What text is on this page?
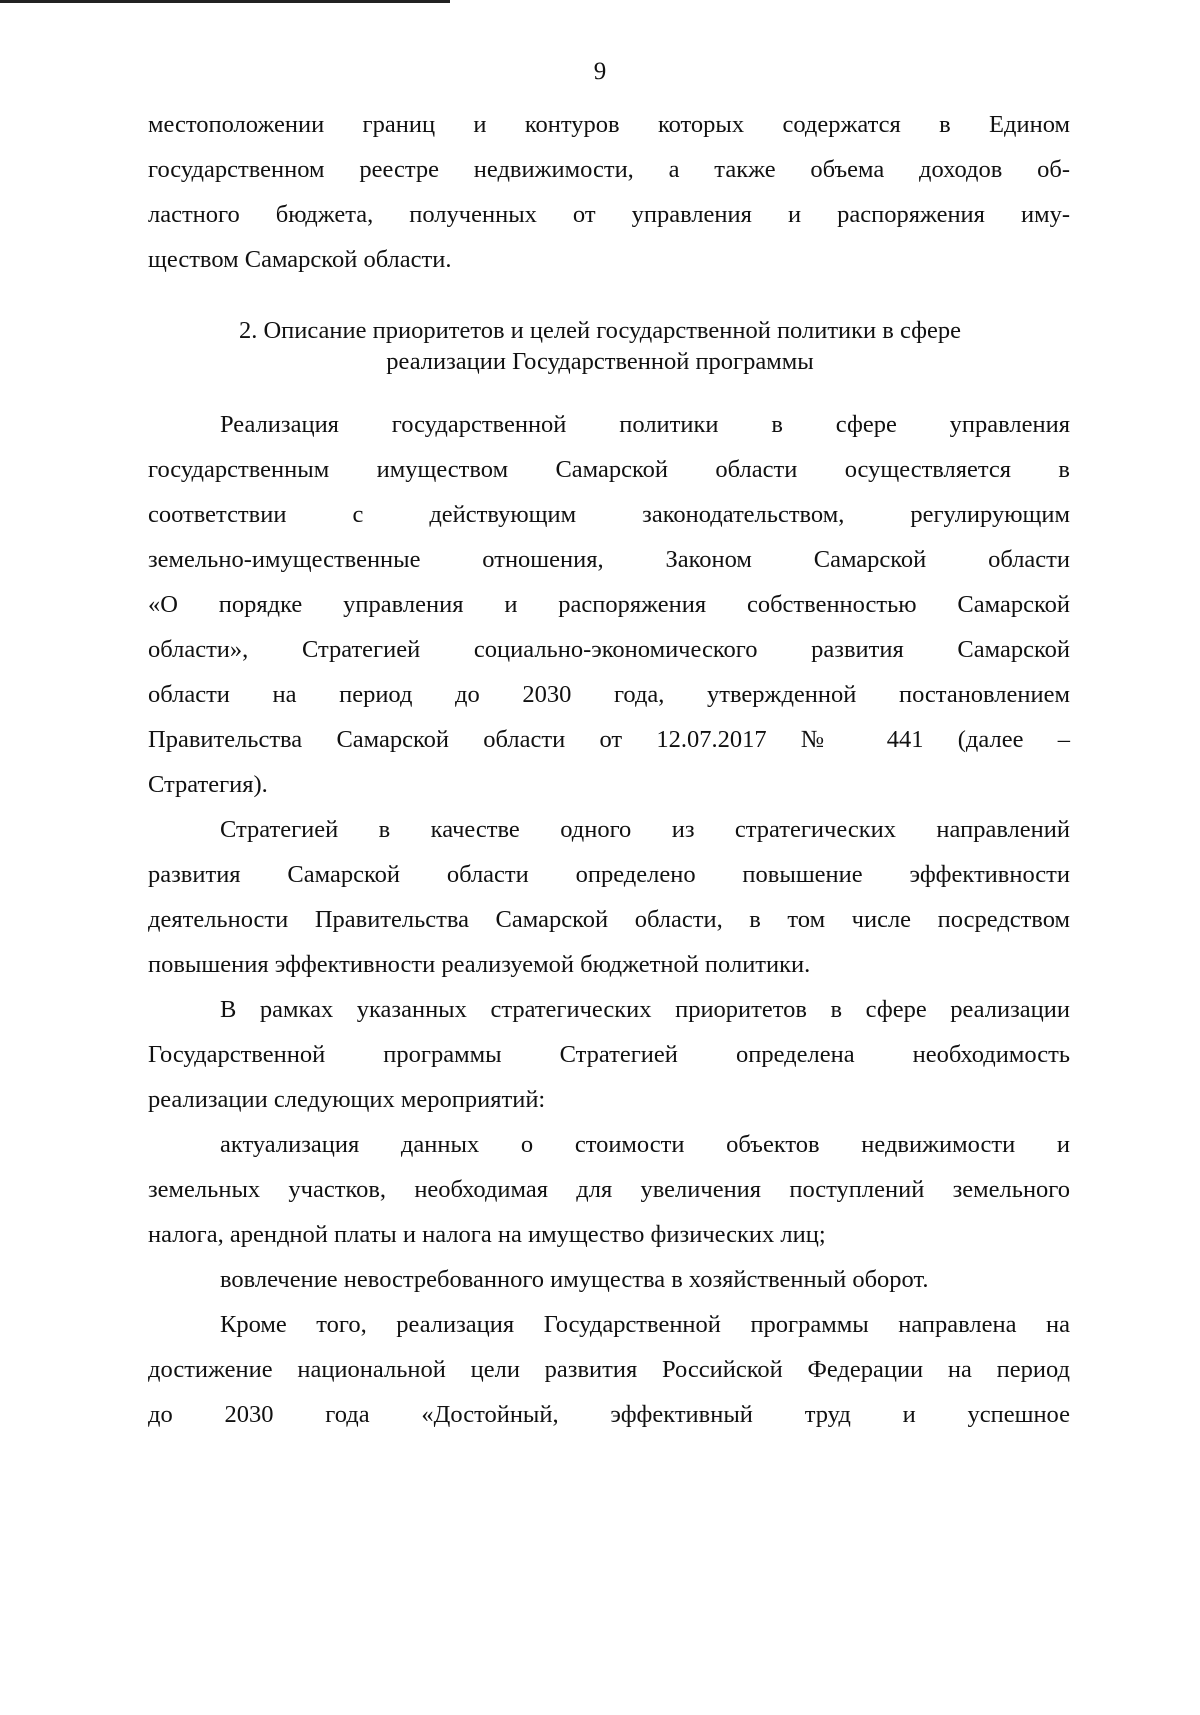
9
местоположении границ и контуров которых содержатся в Едином
государственном реестре недвижимости, а также объема доходов об-
ластного бюджета, полученных от управления и распоряжения иму-
ществом Самарской области.
2. Описание приоритетов и целей государственной политики в сфере
реализации Государственной программы
Реализация государственной политики в сфере управления
государственным имуществом Самарской области осуществляется в
соответствии с действующим законодательством, регулирующим
земельно-имущественные отношения, Законом Самарской области
«О порядке управления и распоряжения собственностью Самарской
области», Стратегией социально-экономического развития Самарской
области на период до 2030 года, утвержденной постановлением
Правительства Самарской области от 12.07.2017 № 441 (далее –
Стратегия).
Стратегией в качестве одного из стратегических направлений
развития Самарской области определено повышение эффективности
деятельности Правительства Самарской области, в том числе посредством
повышения эффективности реализуемой бюджетной политики.
В рамках указанных стратегических приоритетов в сфере реализации
Государственной программы Стратегией определена необходимость
реализации следующих мероприятий:
актуализация данных о стоимости объектов недвижимости и
земельных участков, необходимая для увеличения поступлений земельного
налога, арендной платы и налога на имущество физических лиц;
вовлечение невостребованного имущества в хозяйственный оборот.
Кроме того, реализация Государственной программы направлена на
достижение национальной цели развития Российской Федерации на период
до 2030 года «Достойный, эффективный труд и успешное
